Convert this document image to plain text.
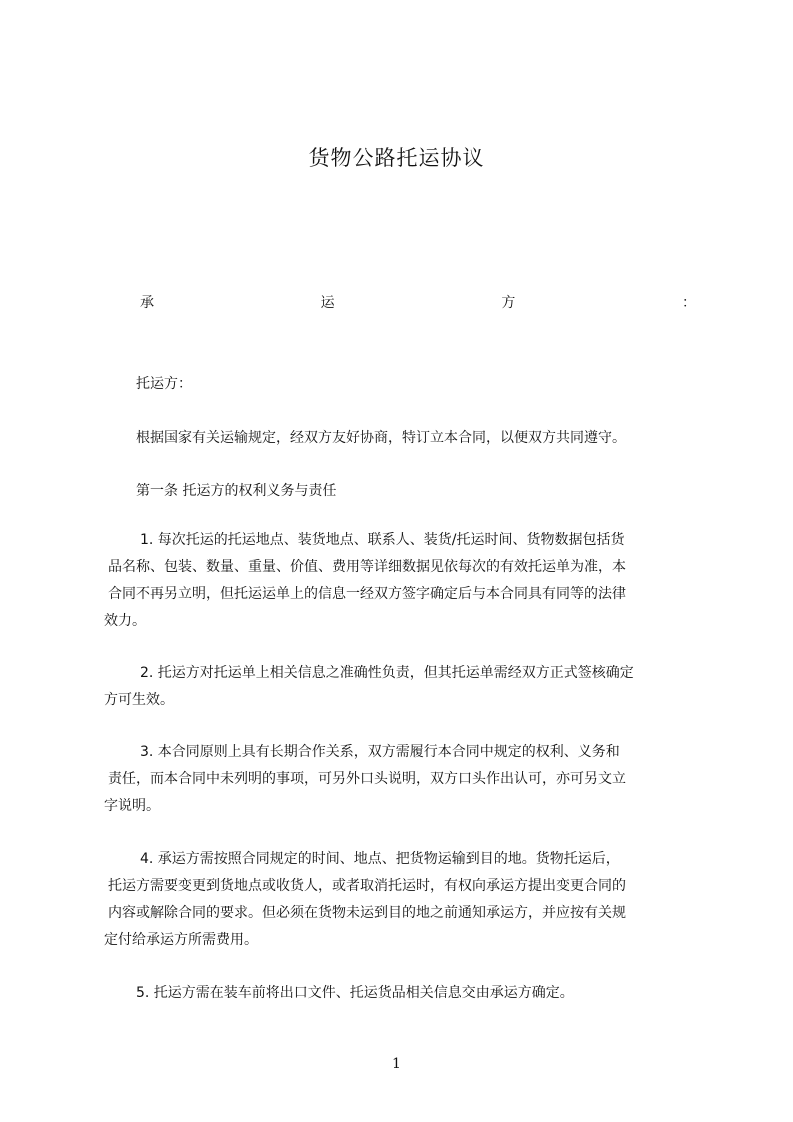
货物公路托运协议
承	运	方	：
托运方：
根据国家有关运输规定，经双方友好协商，特订立本合同，以便双方共同遵守。
第一条 托运方的权利义务与责任
1. 每次托运的托运地点、装货地点、联系人、装货/托运时间、货物数据包括货
品名称、包装、数量、重量、价值、费用等详细数据见依每次的有效托运单为准，本
合同不再另立明，但托运运单上的信息一经双方签字确定后与本合同具有同等的法律
效力。
2. 托运方对托运单上相关信息之准确性负责，但其托运单需经双方正式签核确定
方可生效。
3. 本合同原则上具有长期合作关系，双方需履行本合同中规定的权利、义务和
责任，而本合同中未列明的事项，可另外口头说明，双方口头作出认可，亦可另文立
字说明。
4. 承运方需按照合同规定的时间、地点、把货物运输到目的地。货物托运后，
托运方需要变更到货地点或收货人，或者取消托运时，有权向承运方提出变更合同的
内容或解除合同的要求。但必须在货物未运到目的地之前通知承运方，并应按有关规
定付给承运方所需费用。
5. 托运方需在装车前将出口文件、托运货品相关信息交由承运方确定。
1
